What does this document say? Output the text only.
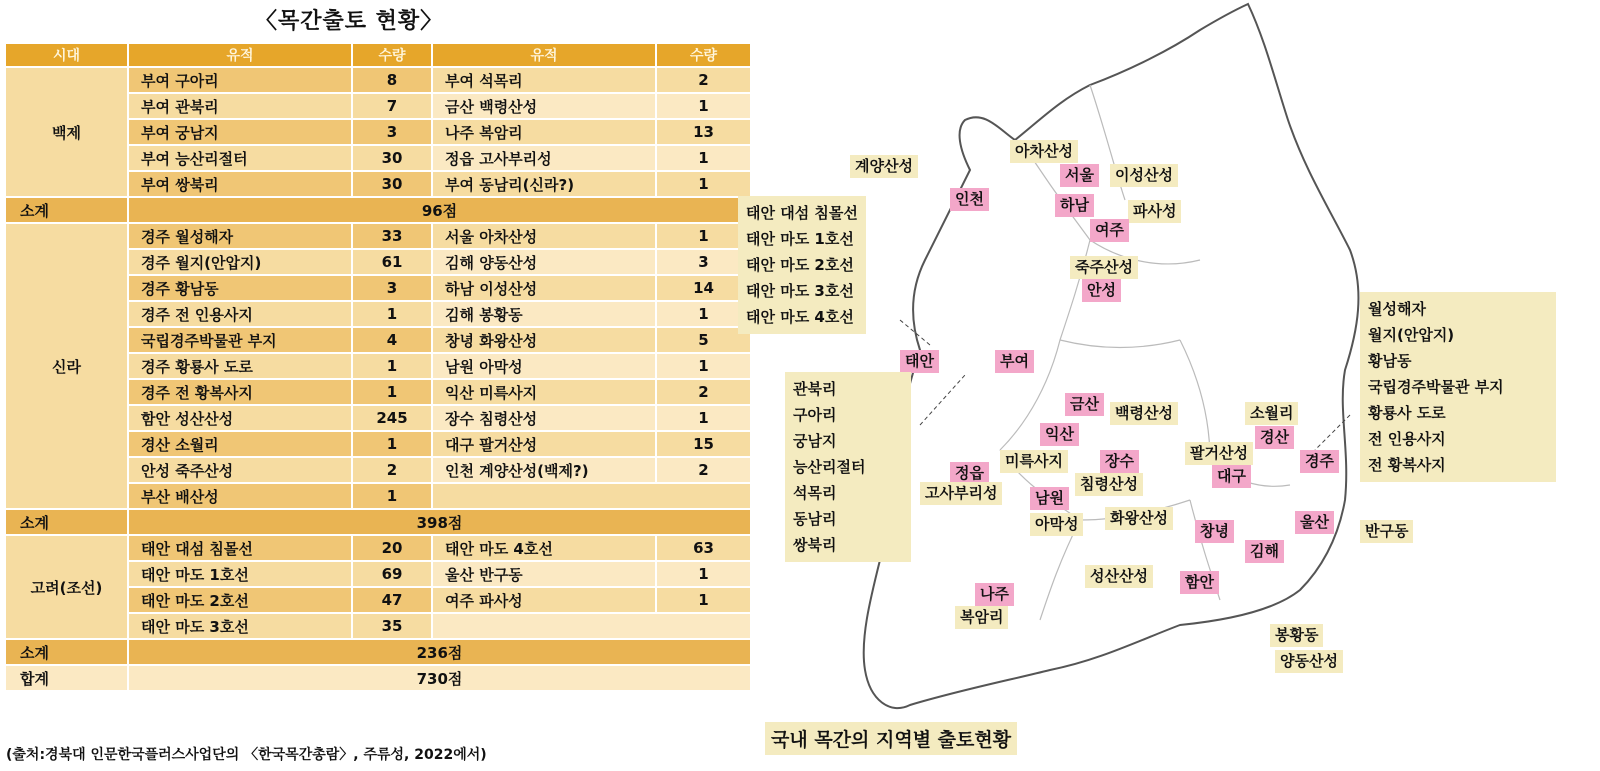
〈목간출토 현황〉
시대	유적	수량	유적	수량
백제	부여 구아리	8	부여 석목리	2
	부여 관북리	7	금산 백령산성	1
	부여 궁남지	3	나주 복암리	13
	부여 능산리절터	30	정읍 고사부리성	1
	부여 쌍북리	30	부여 동남리(신라?)	1
소계	96점			
신라	경주 월성해자	33	서울 아차산성	1
	경주 월지(안압지)	61	김해 양동산성	3
	경주 황남동	3	하남 이성산성	14
	경주 전 인용사지	1	김해 봉황동	1
	국립경주박물관 부지	4	창녕 화왕산성	5
	경주 황룡사 도로	1	남원 아막성	1
	경주 전 황복사지	1	익산 미륵사지	2
	함안 성산산성	245	장수 침령산성	1
	경산 소월리	1	대구 팔거산성	15
	안성 죽주산성	2	인천 계양산성(백제?)	2
	부산 배산성	1		
소계	398점			
고려(조선)	태안 대섬 침몰선	20	태안 마도 4호선	63
	태안 마도 1호선	69	울산 반구동	1
	태안 마도 2호선	47	여주 파사성	1
	태안 마도 3호선	35		
소계	236점			
합계	730점			
(출처:경북대 인문한국플러스사업단의 〈한국목간총람〉, 주류성, 2022에서)
계양산성
인천
아차산성
서울	이성산성
하남	파사성
여주
죽주산성
안성
태안	부여
금산	백령산성	소월리
익산	경산
미륵사지	장수	팔거산성	경주
대구
정읍
고사부리성	침령산성
남원
아막성	화왕산성
창녕	울산	반구동
김해
성산산성	함안
나주
복암리
봉황동
양동산성
태안 대섬 침몰선
태안 마도 1호선
태안 마도 2호선
태안 마도 3호선
태안 마도 4호선
관북리
구아리
궁남지
능산리절터
석목리
동남리
쌍북리
월성해자
월지(안압지)
황남동
국립경주박물관 부지
황룡사 도로
전 인용사지
전 황복사지
국내 목간의 지역별 출토현황
